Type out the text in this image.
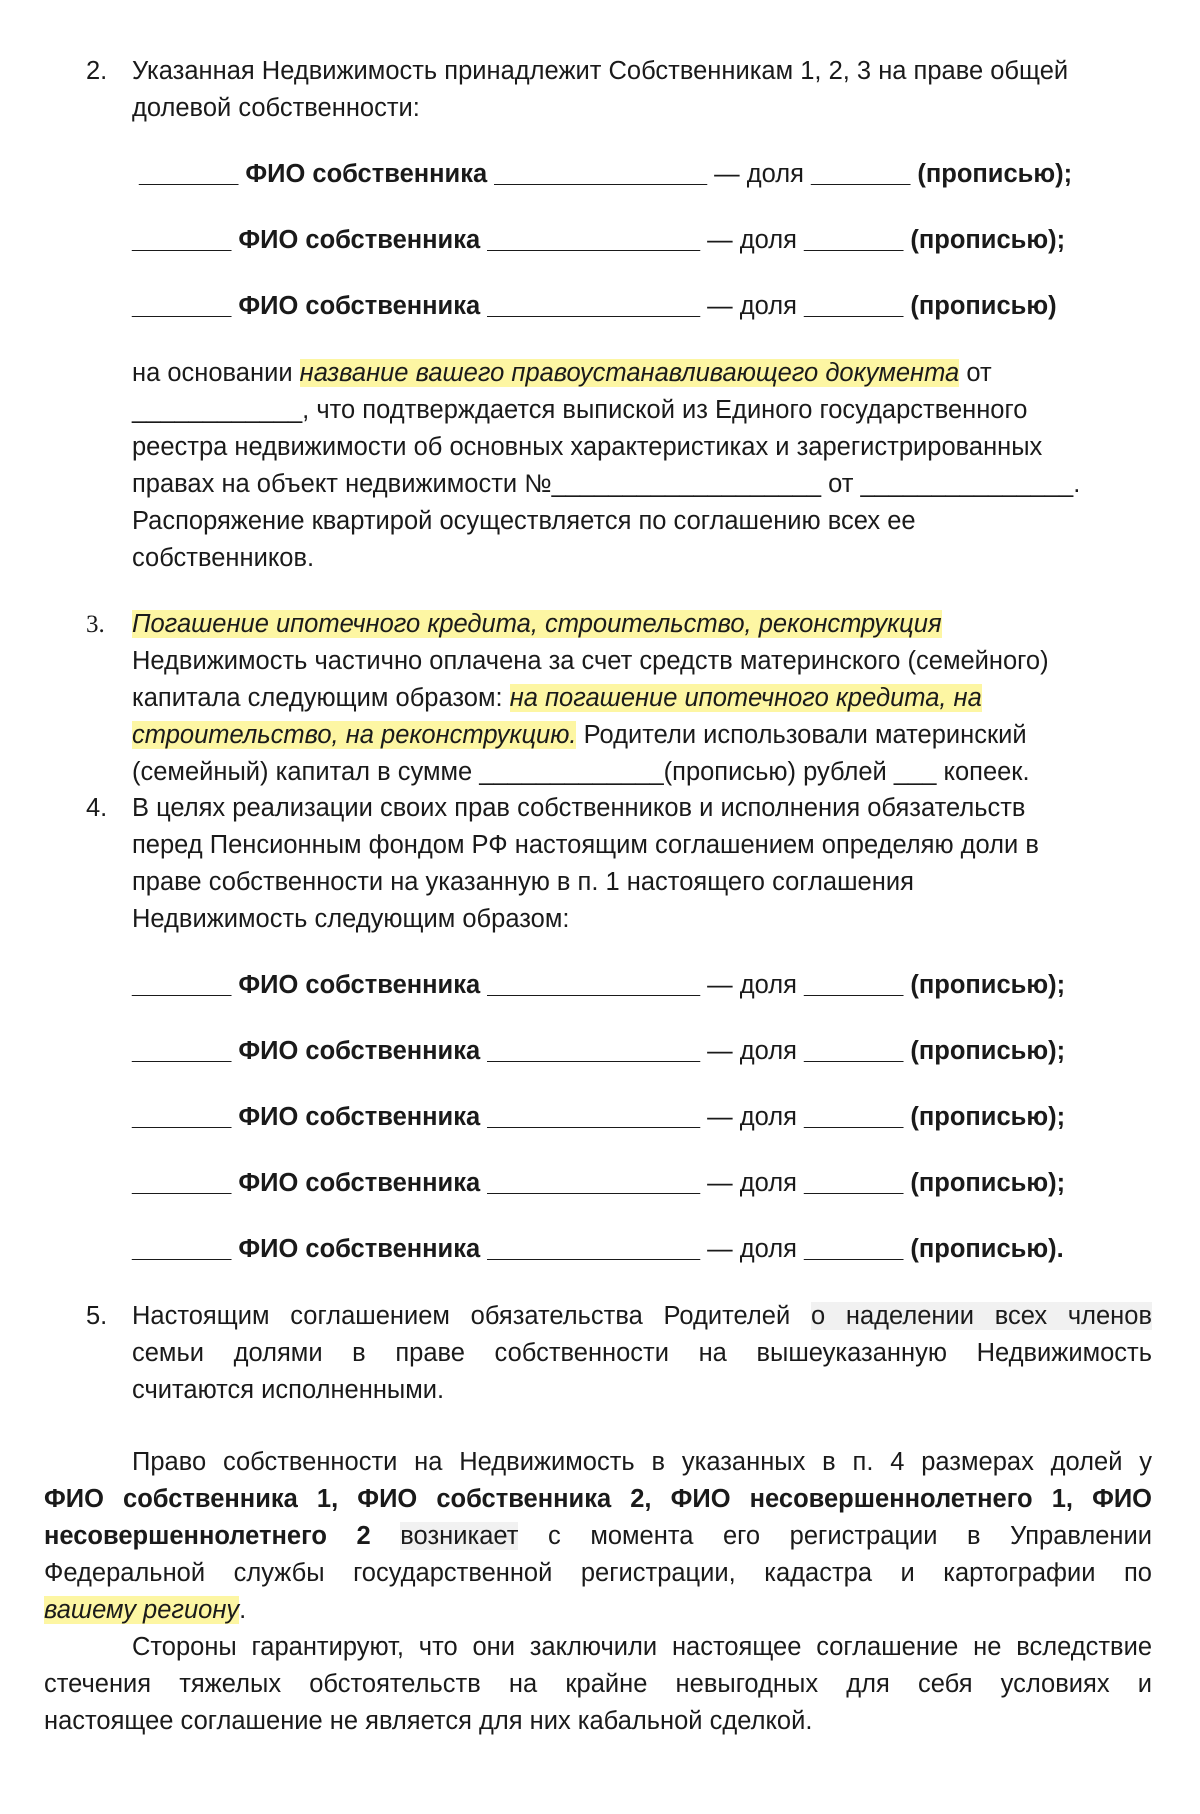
2. Указанная Недвижимость принадлежит Собственникам 1, 2, 3 на праве общей
долевой собственности:
_______ ФИО собственника _______________ — доля _______ (прописью);
_______ ФИО собственника _______________ — доля _______ (прописью);
_______ ФИО собственника _______________ — доля _______ (прописью)
на основании название вашего правоустанавливающего документа от
____________, что подтверждается выпиской из Единого государственного
реестра недвижимости об основных характеристиках и зарегистрированных
правах на объект недвижимости №___________________ от _______________.
Распоряжение квартирой осуществляется по соглашению всех ее
собственников.
3.	Погашение ипотечного кредита, строительство, реконструкция
Недвижимость частично оплачена за счет средств материнского (семейного)
капитала следующим образом: на погашение ипотечного кредита, на
строительство, на реконструкцию. Родители использовали материнский
(семейный) капитал в сумме _____________(прописью) рублей ___ копеек.
4. В целях реализации своих прав собственников и исполнения обязательств
перед Пенсионным фондом РФ настоящим соглашением определяю доли в
праве собственности на указанную в п. 1 настоящего соглашения
Недвижимость следующим образом:
_______ ФИО собственника _______________ — доля _______ (прописью);
_______ ФИО собственника _______________ — доля _______ (прописью);
_______ ФИО собственника _______________ — доля _______ (прописью);
_______ ФИО собственника _______________ — доля _______ (прописью);
_______ ФИО собственника _______________ — доля _______ (прописью).
5. Настоящим соглашением обязательства Родителей о наделении всех членов
семьи долями в праве собственности на вышеуказанную Недвижимость
считаются исполненными.
Право собственности на Недвижимость в указанных в п. 4 размерах долей у
ФИО собственника 1, ФИО собственника 2, ФИО несовершеннолетнего 1, ФИО
несовершеннолетнего 2 возникает с момента его регистрации в Управлении
Федеральной службы государственной регистрации, кадастра и картографии по
вашему региону.
Стороны гарантируют, что они заключили настоящее соглашение не вследствие
стечения тяжелых обстоятельств на крайне невыгодных для себя условиях и
настоящее соглашение не является для них кабальной сделкой.
